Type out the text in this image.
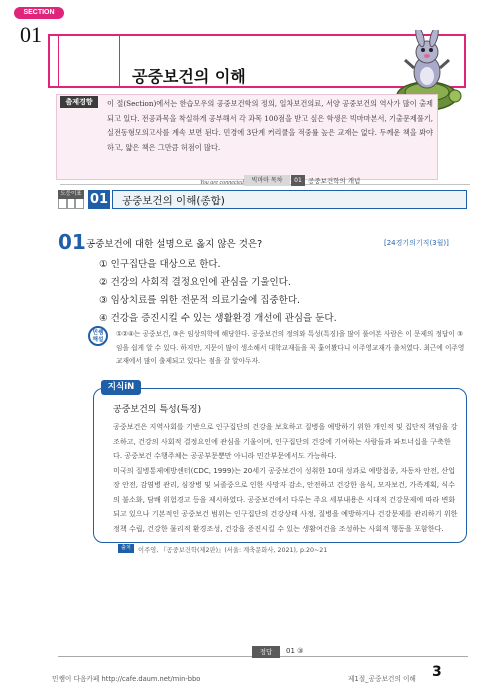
SECTION
01
공중보건의 이해
출제경향	이 절(Section)에서는 한습모우의 공중보건학의 정의, 일차보건의료, 서양 공중보건의 역사가 많이 출제되고 있다. 전공과목을 착실하게 공부해서 각 과목 100점을 받고 싶은 학생은 빅마마본서, 기출문제풀기, 실전동형모의고사를 계속 보면 된다. 민경에 3단계 커리큘을 적중률 높은 교재는 없다. 두께운 책을 봐야 하고, 얇은 책은 그만큼 허점이 많다.
You are connected	빅마마 목차	01 공중보건학의 개념
도등이표 01 공중보건의 이해(종합)
01 공중보건에 대한 설명으로 옳지 않은 것은?	[24경기의기직(3월)]
① 인구집단을 대상으로 한다.
② 건강의 사회적 결정요인에 관심을 기울인다.
③ 임상치료를 위한 전문적 의료기술에 집중한다.
④ 건강을 증진시킬 수 있는 생활환경 개선에 관심을 둔다.
민쌤
해설
①②④는 공중보건, ③은 임상의학에 해당한다. 공중보건의 정의와 특성(특징)을 많이 풀어본 사람은 이 문제의 정답이 ③임을 쉽게 알 수 있다. 하지만, 지문이 많이 생소해서 대학교재들을 꼭 훑어봤다니 이주영교재가 출처였다. 최근에 이주영교재에서 많이 출제되고 있다는 점을 잘 알아두자.
지식iN
공중보건의 특성(특징)

공중보건은 지역사회를 기반으로 인구집단의 건강을 보호하고 질병을 예방하기 위한 개인적 및 집단적 책임을 강조하고, 건강의 사회적 결정요인에 관심을 기울이며, 인구집단의 건강에 기여하는 사람들과 파트너십을 구축한다. 공중보건 수행주체는 공공부문뿐만 아니라 민간부문에서도 가능하다.

미국의 질병통제예방센터(CDC, 1999)는 20세기 공중보건이 성취한 10대 성과로 예방접종, 자동차 안전, 산업장 안전, 감염병 관리, 심장병 및 뇌졸중으로 인한 사망자 감소, 안전하고 건강한 음식, 모자보건, 가족계획, 식수의 불소화, 담배 위험경고 등을 제시하였다. 공중보건에서 다루는 주요 세부내용은 시대적 건강문제에 따라 변화되고 있으나 기본적인 공중보건 범위는 인구집단의 건강상태 사정, 질병을 예방하거나 건강문제를 관리하기 위한 정책 수립, 건강한 물리적 환경조성, 건강을 증진시킬 수 있는 생활여건을 조성하는 사회적 행동을 포함한다.

출처	이주영, 『공중보건학(제2판)』(서울: 계축문화사, 2021), p.20~21
정답	01 ③
민쌤이 다음카페 http://cafe.daum.net/min-bbo	제1절_공중보건의 이해 3
